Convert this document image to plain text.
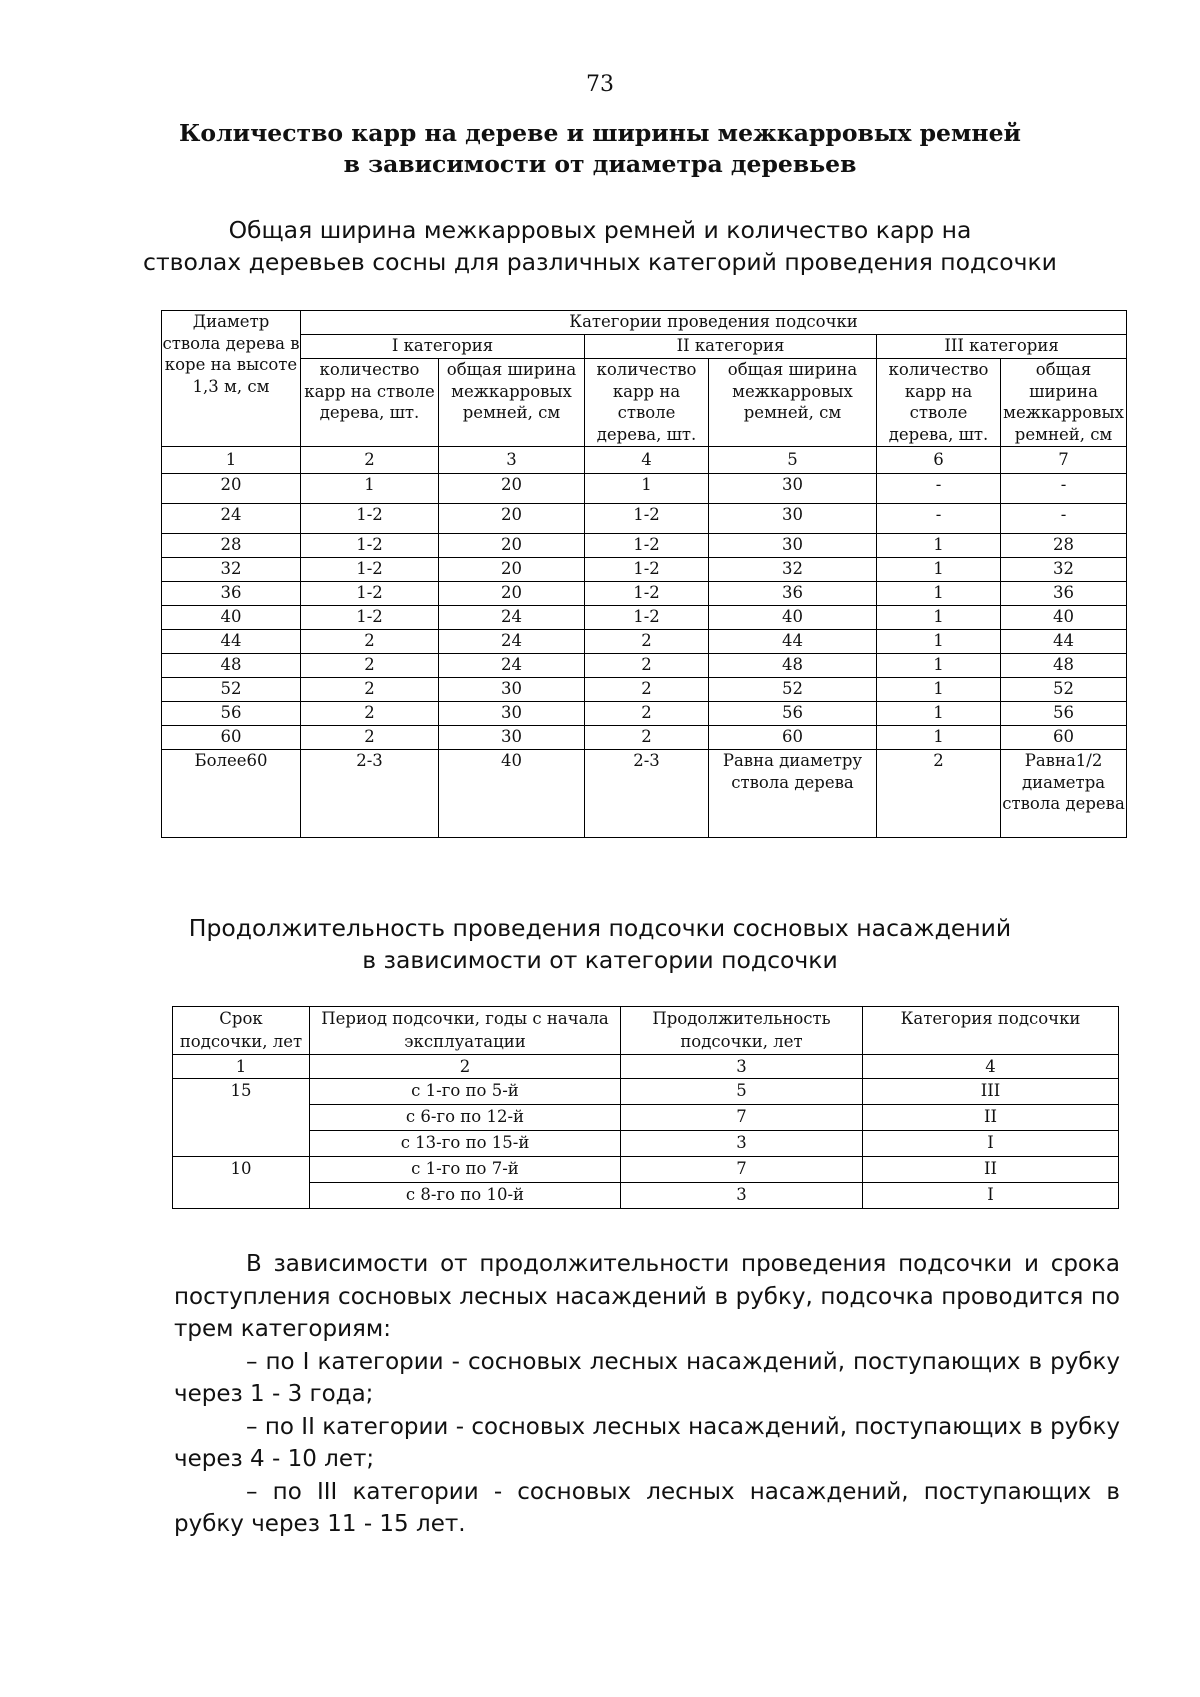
73
Количество карр на дереве и ширины межкарровых ремней
в зависимости от диаметра деревьев
Общая ширина межкарровых ремней и количество карр на
стволах деревьев сосны для различных категорий проведения подсочки
Диаметр ствола дерева в коре на высоте 1,3 м, см	Категории проведения подсочки					
	I категория		II категория		III категория	
	количество карр на стволе дерева, шт.	общая ширина межкарровых ремней, см	количество карр на стволе дерева, шт.	общая ширина межкарровых ремней, см	количество карр на стволе дерева, шт.	общая ширина межкарровых ремней, см
1	2	3	4	5	6	7
20	1	20	1	30	-	-
24	1-2	20	1-2	30	-	-
28	1-2	20	1-2	30	1	28
32	1-2	20	1-2	32	1	32
36	1-2	20	1-2	36	1	36
40	1-2	24	1-2	40	1	40
44	2	24	2	44	1	44
48	2	24	2	48	1	48
52	2	30	2	52	1	52
56	2	30	2	56	1	56
60	2	30	2	60	1	60
Более60	2-3	40	2-3	Равна диаметру ствола дерева	2	Равна1/2 диаметра ствола дерева
Продолжительность проведения подсочки сосновых насаждений
в зависимости от категории подсочки
Срок подсочки, лет	Период подсочки, годы с начала эксплуатации	Продолжительность подсочки, лет	Категория подсочки
1	2	3	4
15	с 1-го по 5-й	5	III
	с 6-го по 12-й	7	II
	с 13-го по 15-й	3	I
10	с 1-го по 7-й	7	II
	с 8-го по 10-й	3	I

В зависимости от продолжительности проведения подсочки и срока поступления сосновых лесных насаждений в рубку, подсочка проводится по трем категориям:

– по I категории - сосновых лесных насаждений, поступающих в рубку через 1 - 3 года;

– по II категории - сосновых лесных насаждений, поступающих в рубку через 4 - 10 лет;

– по III категории - сосновых лесных насаждений, поступающих в рубку через 11 - 15 лет.
